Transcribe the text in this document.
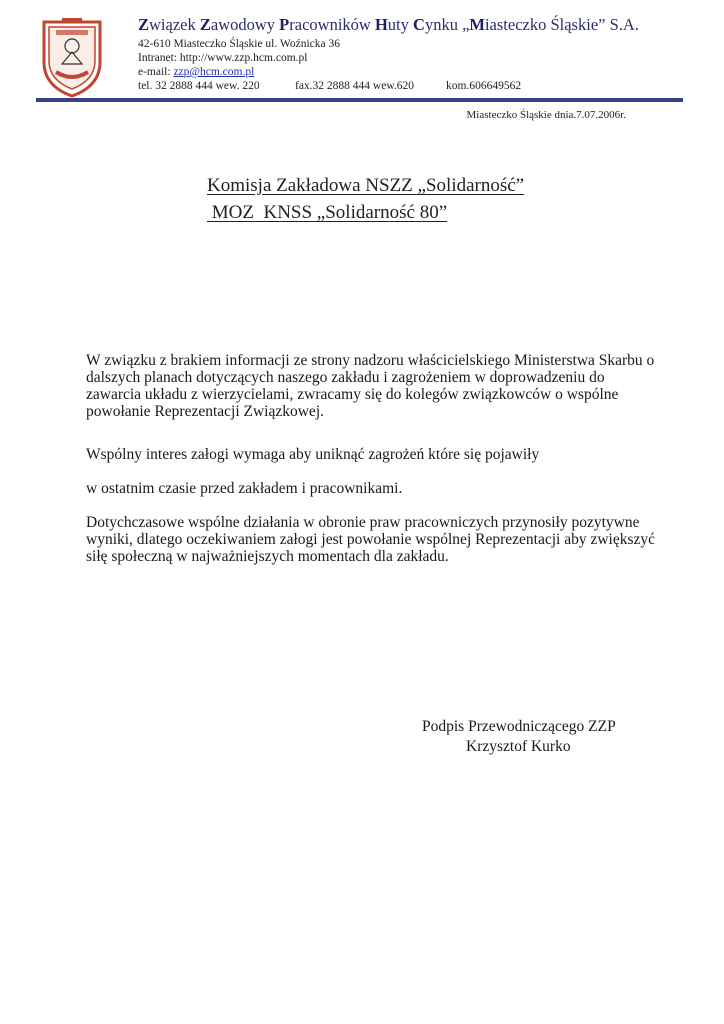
Związek Zawodowy Pracowników Huty Cynku „Miasteczko Śląskie” S.A.
42-610 Miasteczko Śląskie ul. Woźnicka 36
Intranet: http://www.zzp.hcm.com.pl
e-mail: zzp@hcm.com.pl
tel. 32 2888 444 wew. 220	fax.32 2888 444 wew.620	kom.606649562
Miasteczko Śląskie dnia.7.07.2006r.
Komisja Zakładowa NSZZ „Solidarność”
MOZ  KNSS „Solidarność 80”

W związku z brakiem informacji ze strony nadzoru właścicielskiego Ministerstwa Skarbu o dalszych planach dotyczących naszego zakładu i zagrożeniem w doprowadzeniu do zawarcia układu z wierzycielami, zwracamy się do kolegów związkowców o wspólne powołanie Reprezentacji Związkowej.

Wspólny interes załogi wymaga aby uniknąć zagrożeń które się pojawiły

w ostatnim czasie przed zakładem i pracownikami.

Dotychczasowe wspólne działania w obronie praw pracowniczych przynosiły pozytywne wyniki, dlatego oczekiwaniem załogi jest powołanie wspólnej Reprezentacji aby zwiększyć siłę społeczną w najważniejszych momentach dla zakładu.

Podpis Przewodniczącego ZZP
Krzysztof Kurko
